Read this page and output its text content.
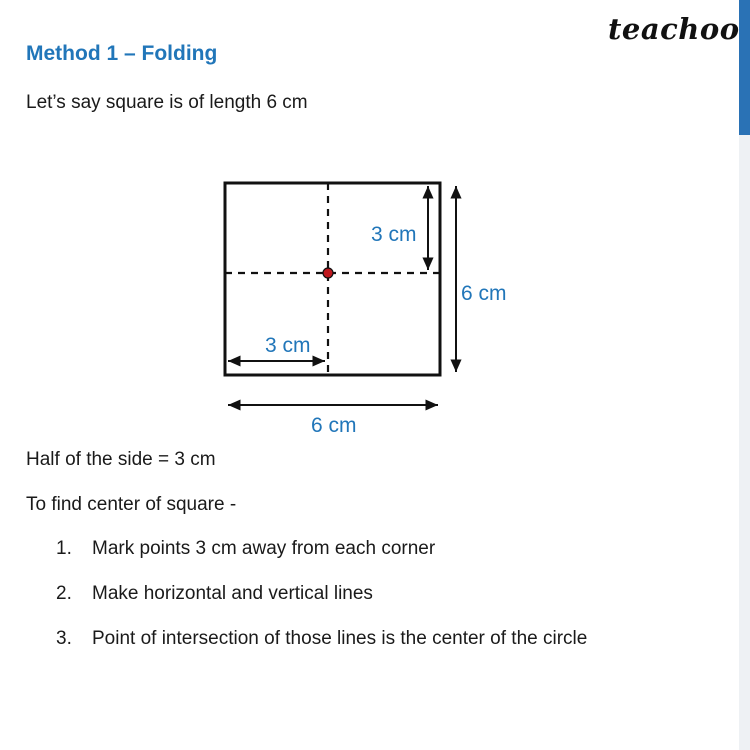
teachoo
Method 1 – Folding
Let’s say square is of length 6 cm
3 cm
6 cm
3 cm
6 cm
Half of the side = 3 cm
To find center of square -
1.	Mark points 3 cm away from each corner
2.	Make horizontal and vertical lines
3.	Point of intersection of those lines is the center of the circle
